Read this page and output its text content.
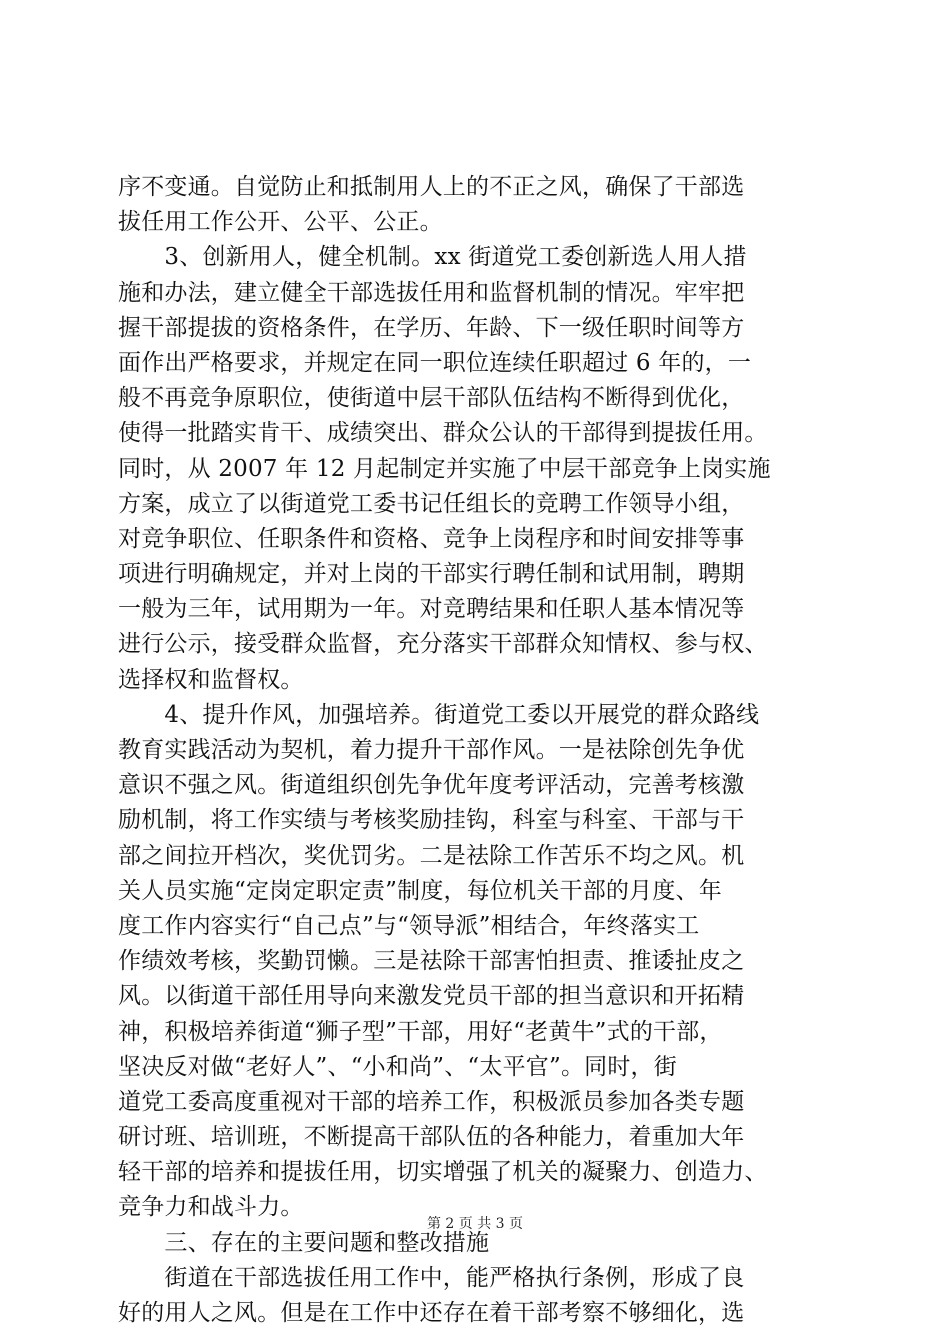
序不变通。自觉防止和抵制用人上的不正之风，确保了干部选
拔任用工作公开、公平、公正。
　　3、创新用人，健全机制。xx 街道党工委创新选人用人措
施和办法，建立健全干部选拔任用和监督机制的情况。牢牢把
握干部提拔的资格条件，在学历、年龄、下一级任职时间等方
面作出严格要求，并规定在同一职位连续任职超过 6 年的，一
般不再竞争原职位，使街道中层干部队伍结构不断得到优化，
使得一批踏实肯干、成绩突出、群众公认的干部得到提拔任用。
同时，从 2007 年 12 月起制定并实施了中层干部竞争上岗实施
方案，成立了以街道党工委书记任组长的竞聘工作领导小组，
对竞争职位、任职条件和资格、竞争上岗程序和时间安排等事
项进行明确规定，并对上岗的干部实行聘任制和试用制，聘期
一般为三年，试用期为一年。对竞聘结果和任职人基本情况等
进行公示，接受群众监督，充分落实干部群众知情权、参与权、
选择权和监督权。
　　4、提升作风，加强培养。街道党工委以开展党的群众路线
教育实践活动为契机，着力提升干部作风。一是祛除创先争优
意识不强之风。街道组织创先争优年度考评活动，完善考核激
励机制，将工作实绩与考核奖励挂钩，科室与科室、干部与干
部之间拉开档次，奖优罚劣。二是祛除工作苦乐不均之风。机
关人员实施“定岗定职定责”制度，每位机关干部的月度、年
度工作内容实行“自己点”与“领导派”相结合，年终落实工
作绩效考核，奖勤罚懒。三是祛除干部害怕担责、推诿扯皮之
风。以街道干部任用导向来激发党员干部的担当意识和开拓精
神，积极培养街道“狮子型”干部，用好“老黄牛”式的干部，
坚决反对做“老好人”、“小和尚”、“太平官”。同时，街
道党工委高度重视对干部的培养工作，积极派员参加各类专题
研讨班、培训班，不断提高干部队伍的各种能力，着重加大年
轻干部的培养和提拔任用，切实增强了机关的凝聚力、创造力、
竞争力和战斗力。
　　三、存在的主要问题和整改措施
　　街道在干部选拔任用工作中，能严格执行条例，形成了良
好的用人之风。但是在工作中还存在着干部考察不够细化，选
第 2 页 共 3 页
